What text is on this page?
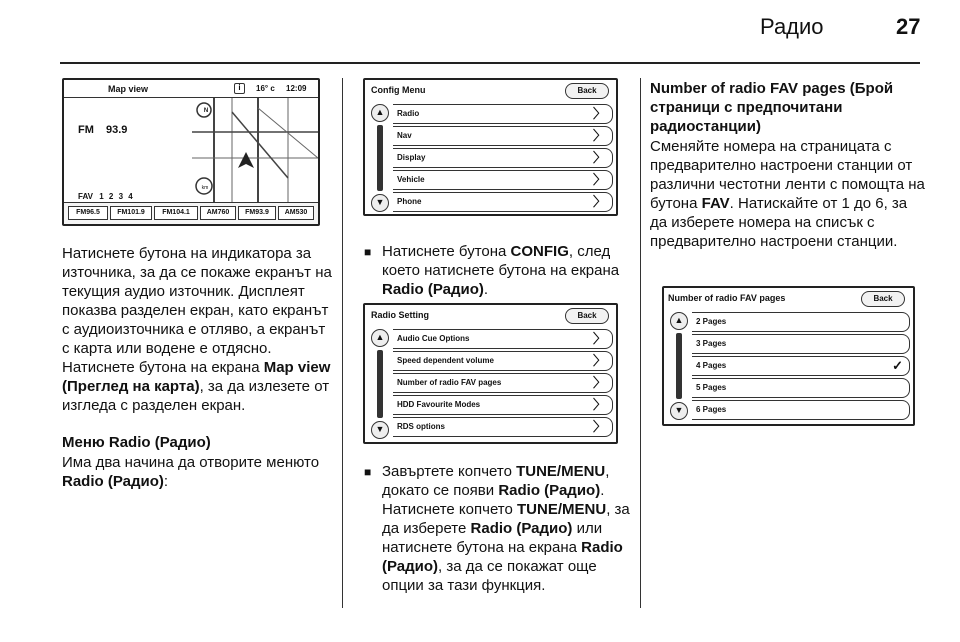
Радио	27
Map view	i	16° c 12:09
FM 93.9
FAV 1 2 3 4
N
km
FM96.5	FM101.9	FM104.1	AM760	FM93.9	AM530
Натиснете бутона на индикатора за източника, за да се покаже екранът на текущия аудио източник. Дисплеят показва разделен екран, като екранът с аудиоизточника е отляво, а екранът с карта или водене е отдясно. Натиснете бутона на екрана Map view (Преглед на карта), за да излезете от изгледа с разделен екран.
Меню Radio (Радио)
Има два начина да отворите менюто Radio (Радио):
Config Menu	Back
▲
▼
Radio	〉
Nav	〉
Display	〉
Vehicle	〉
Phone	〉
■ Натиснете бутона CONFIG, след което натиснете бутона на екрана Radio (Радио).
Radio Setting	Back
▲
▼
Audio Cue Options	〉
Speed dependent volume	〉
Number of radio FAV pages	〉
HDD Favourite Modes	〉
RDS options	〉
■ Завъртете копчето TUNE/MENU, докато се появи Radio (Радио). Натиснете копчето TUNE/MENU, за да изберете Radio (Радио) или натиснете бутона на екрана Radio (Радио), за да се покажат още опции за тази функция.
Number of radio FAV pages (Брой страници с предпочитани радиостанции)
Сменяйте номера на страницата с предварително настроени станции от различни честотни ленти с помощта на бутона FAV. Натискайте от 1 до 6, за да изберете номера на списък с предварително настроени станции.
Number of radio FAV pages	Back
▲
▼
2 Pages
3 Pages
4 Pages	✓
5 Pages
6 Pages
